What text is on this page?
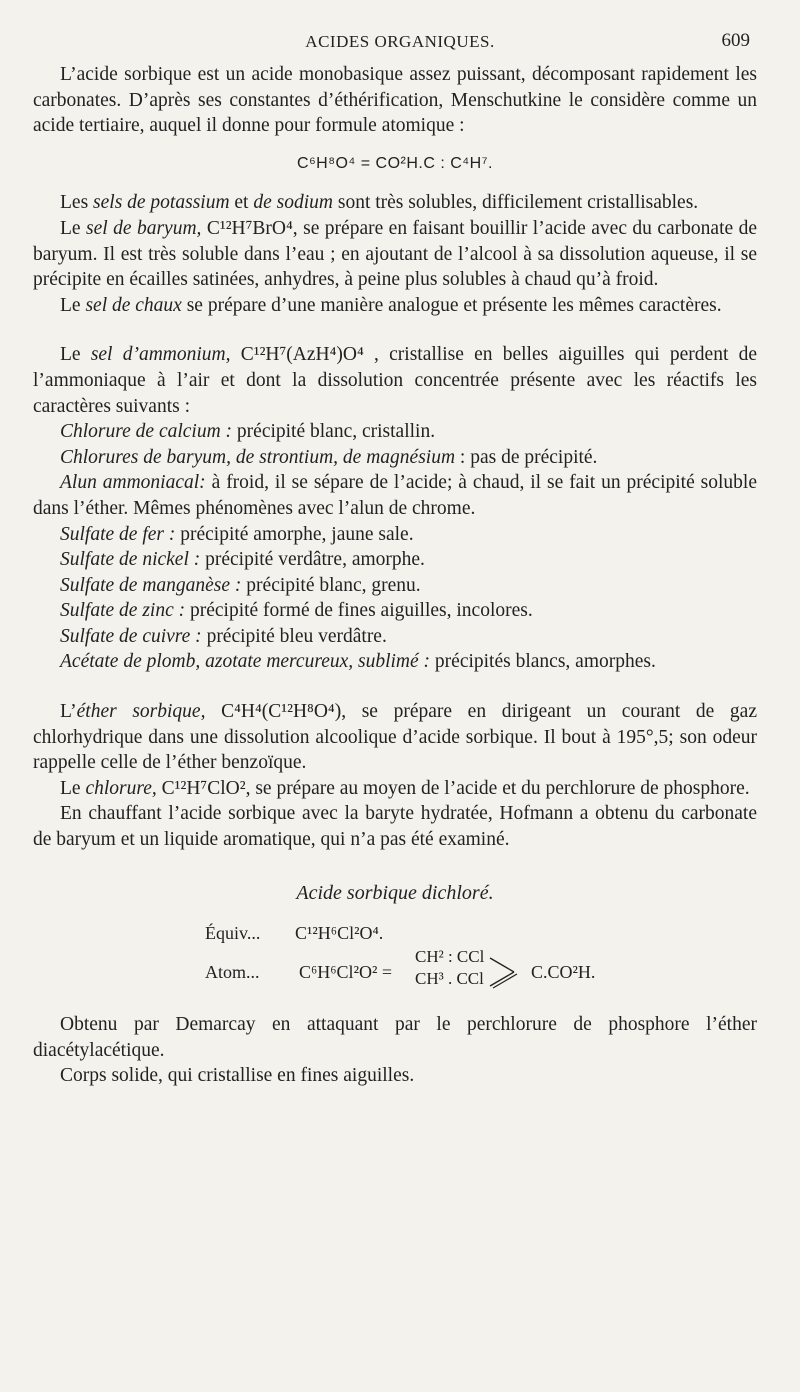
ACIDES ORGANIQUES.	609

L’acide sorbique est un acide monobasique assez puissant, décomposant rapidement les carbonates. D’après ses constantes d’éthérification, Menschutkine le considère comme un acide tertiaire, auquel il donne pour formule atomique :

C⁶H⁸O⁴ = CO²H.C : C⁴H⁷.

Les sels de potassium et de sodium sont très solubles, difficilement cristallisables.

Le sel de baryum, C¹²H⁷BrO⁴, se prépare en faisant bouillir l’acide avec du carbonate de baryum. Il est très soluble dans l’eau ; en ajoutant de l’alcool à sa dissolution aqueuse, il se précipite en écailles satinées, anhydres, à peine plus solubles à chaud qu’à froid.

Le sel de chaux se prépare d’une manière analogue et présente les mêmes caractères.

Le sel d’ammonium, C¹²H⁷(AzH⁴)O⁴ , cristallise en belles aiguilles qui perdent de l’ammoniaque à l’air et dont la dissolution concentrée présente avec les réactifs les caractères suivants :

Chlorure de calcium : précipité blanc, cristallin.

Chlorures de baryum, de strontium, de magnésium : pas de précipité.

Alun ammoniacal: à froid, il se sépare de l’acide; à chaud, il se fait un précipité soluble dans l’éther. Mêmes phénomènes avec l’alun de chrome.

Sulfate de fer : précipité amorphe, jaune sale.

Sulfate de nickel : précipité verdâtre, amorphe.

Sulfate de manganèse : précipité blanc, grenu.

Sulfate de zinc : précipité formé de fines aiguilles, incolores.

Sulfate de cuivre : précipité bleu verdâtre.

Acétate de plomb, azotate mercureux, sublimé : précipités blancs, amorphes.

L’éther sorbique, C⁴H⁴(C¹²H⁸O⁴), se prépare en dirigeant un courant de gaz chlorhydrique dans une dissolution alcoolique d’acide sorbique. Il bout à 195°,5; son odeur rappelle celle de l’éther benzoïque.

Le chlorure, C¹²H⁷ClO², se prépare au moyen de l’acide et du perchlorure de phosphore.

En chauffant l’acide sorbique avec la baryte hydratée, Hofmann a obtenu du carbonate de baryum et un liquide aromatique, qui n’a pas été examiné.

Acide sorbique dichloré.
Équiv... C¹²H⁶Cl²O⁴.
Atom... C⁶H⁶Cl²O² =
CH² : CCl
CH³ . CCl	C.CO²H.

Obtenu par Demarcay en attaquant par le perchlorure de phosphore l’éther diacétylacétique.

Corps solide, qui cristallise en fines aiguilles.
